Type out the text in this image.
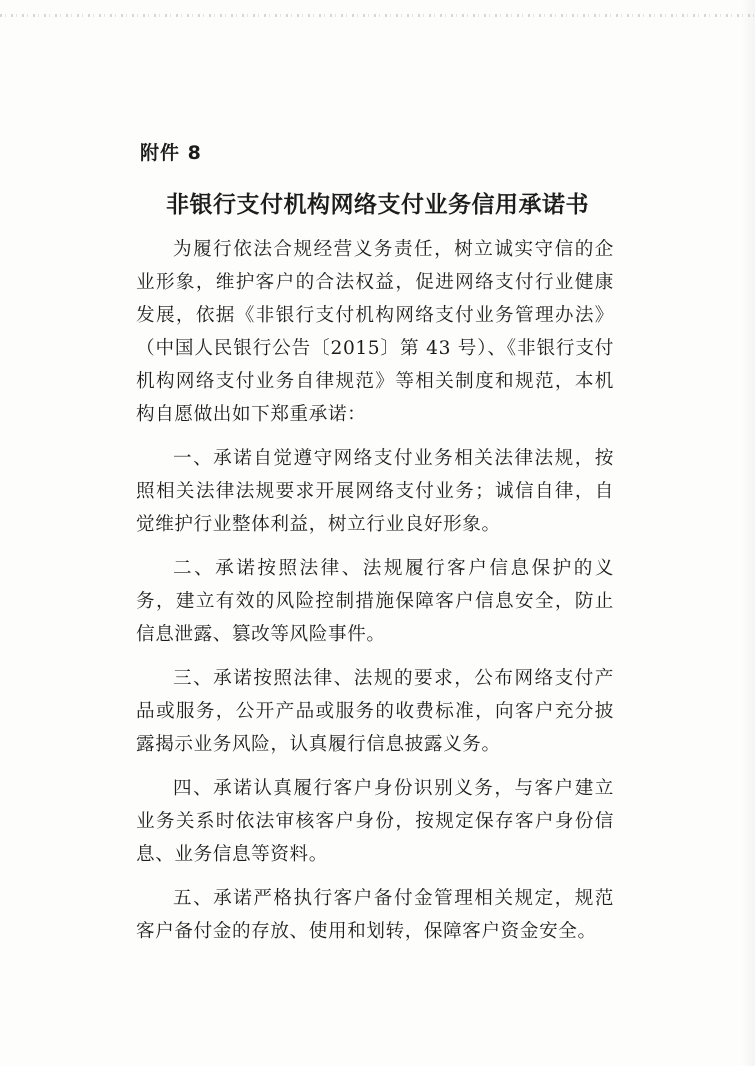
附件 8
非银行支付机构网络支付业务信用承诺书

为履行依法合规经营义务责任，树立诚实守信的企业形象，维护客户的合法权益，促进网络支付行业健康发展，依据《非银行支付机构网络支付业务管理办法》（中国人民银行公告〔2015〕第 43 号）、《非银行支付机构网络支付业务自律规范》等相关制度和规范，本机构自愿做出如下郑重承诺：

一、承诺自觉遵守网络支付业务相关法律法规，按照相关法律法规要求开展网络支付业务；诚信自律，自觉维护行业整体利益，树立行业良好形象。

二、承诺按照法律、法规履行客户信息保护的义务，建立有效的风险控制措施保障客户信息安全，防止信息泄露、篡改等风险事件。

三、承诺按照法律、法规的要求，公布网络支付产品或服务，公开产品或服务的收费标准，向客户充分披露揭示业务风险，认真履行信息披露义务。

四、承诺认真履行客户身份识别义务，与客户建立业务关系时依法审核客户身份，按规定保存客户身份信息、业务信息等资料。

五、承诺严格执行客户备付金管理相关规定，规范客户备付金的存放、使用和划转，保障客户资金安全。
